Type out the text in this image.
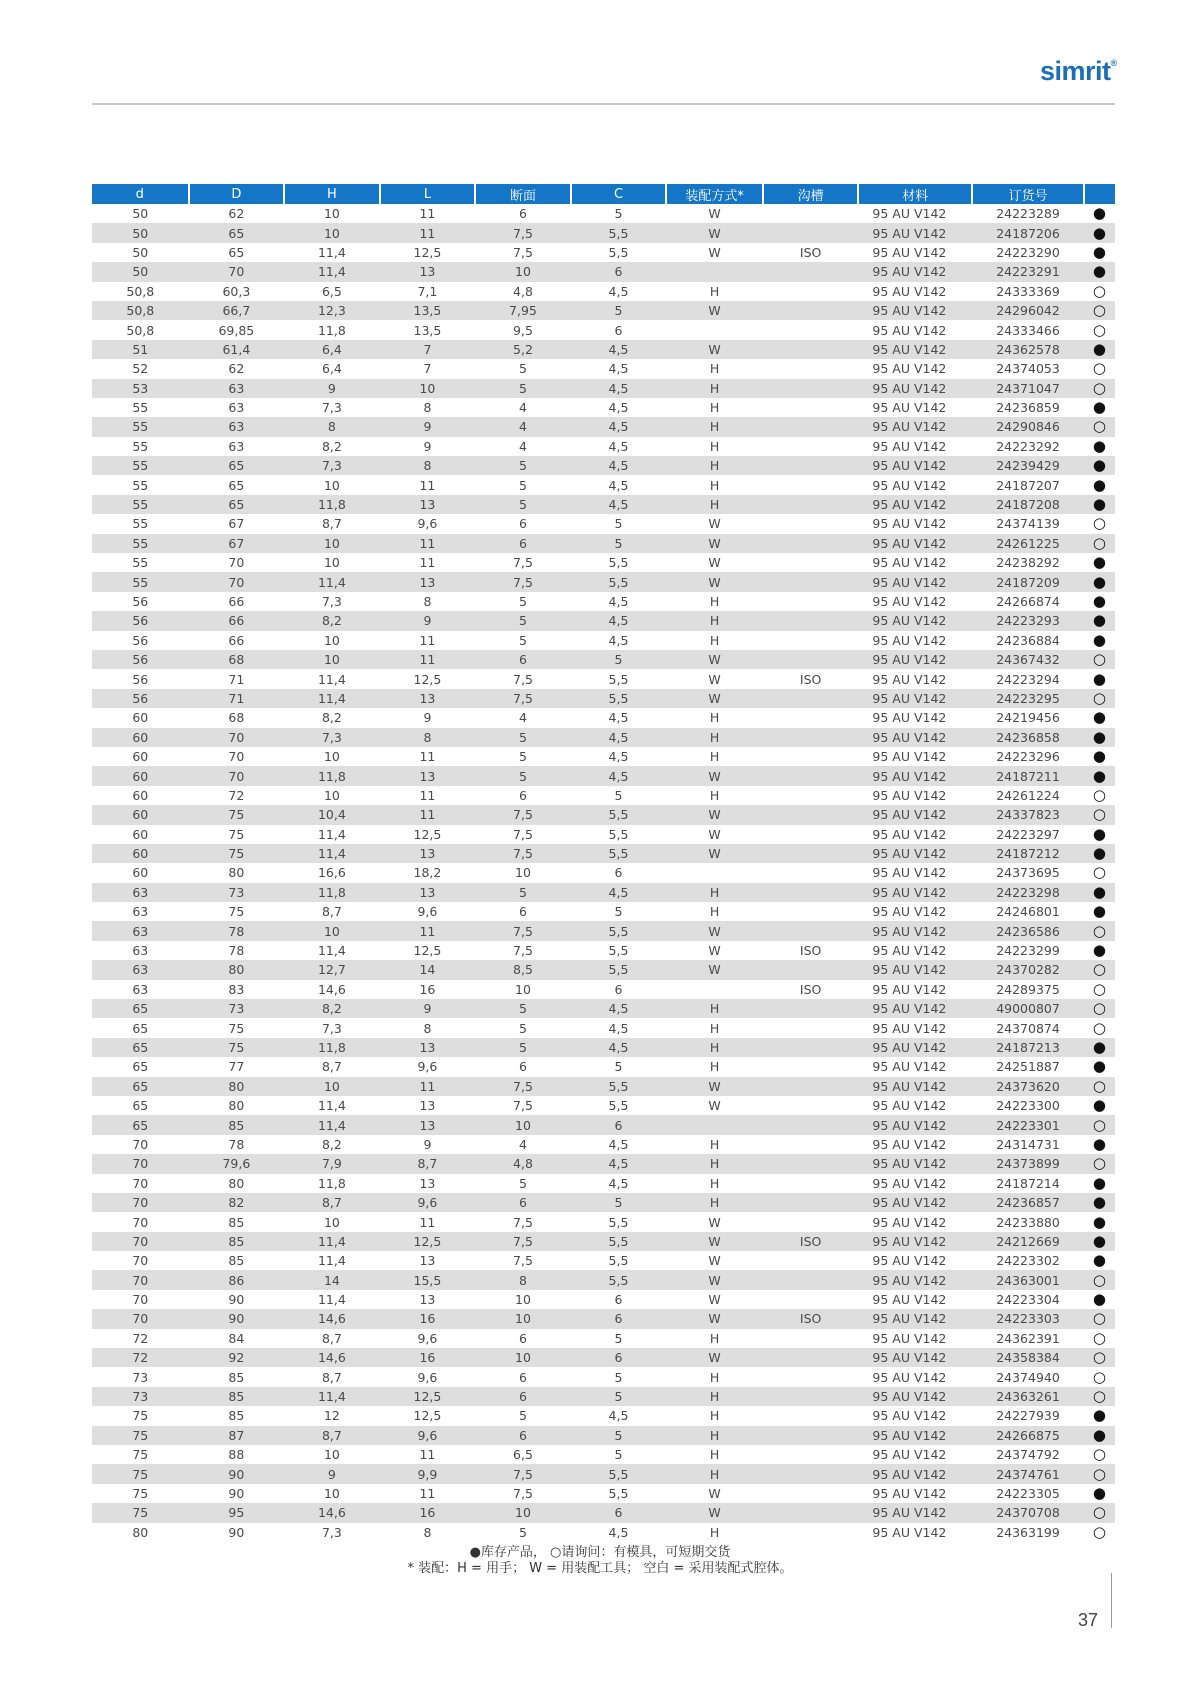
simrit®
d	D	H	L	断面	C	装配方式*	沟槽	材料	订货号	
50	62	10	11	6	5	W		95 AU V142	24223289	●
50	65	10	11	7,5	5,5	W		95 AU V142	24187206	●
50	65	11,4	12,5	7,5	5,5	W	ISO	95 AU V142	24223290	●
50	70	11,4	13	10	6			95 AU V142	24223291	●
50,8	60,3	6,5	7,1	4,8	4,5	H		95 AU V142	24333369	○
50,8	66,7	12,3	13,5	7,95	5	W		95 AU V142	24296042	○
50,8	69,85	11,8	13,5	9,5	6			95 AU V142	24333466	○
51	61,4	6,4	7	5,2	4,5	W		95 AU V142	24362578	●
52	62	6,4	7	5	4,5	H		95 AU V142	24374053	○
53	63	9	10	5	4,5	H		95 AU V142	24371047	○
55	63	7,3	8	4	4,5	H		95 AU V142	24236859	●
55	63	8	9	4	4,5	H		95 AU V142	24290846	○
55	63	8,2	9	4	4,5	H		95 AU V142	24223292	●
55	65	7,3	8	5	4,5	H		95 AU V142	24239429	●
55	65	10	11	5	4,5	H		95 AU V142	24187207	●
55	65	11,8	13	5	4,5	H		95 AU V142	24187208	●
55	67	8,7	9,6	6	5	W		95 AU V142	24374139	○
55	67	10	11	6	5	W		95 AU V142	24261225	○
55	70	10	11	7,5	5,5	W		95 AU V142	24238292	●
55	70	11,4	13	7,5	5,5	W		95 AU V142	24187209	●
56	66	7,3	8	5	4,5	H		95 AU V142	24266874	●
56	66	8,2	9	5	4,5	H		95 AU V142	24223293	●
56	66	10	11	5	4,5	H		95 AU V142	24236884	●
56	68	10	11	6	5	W		95 AU V142	24367432	○
56	71	11,4	12,5	7,5	5,5	W	ISO	95 AU V142	24223294	●
56	71	11,4	13	7,5	5,5	W		95 AU V142	24223295	○
60	68	8,2	9	4	4,5	H		95 AU V142	24219456	●
60	70	7,3	8	5	4,5	H		95 AU V142	24236858	●
60	70	10	11	5	4,5	H		95 AU V142	24223296	●
60	70	11,8	13	5	4,5	W		95 AU V142	24187211	●
60	72	10	11	6	5	H		95 AU V142	24261224	○
60	75	10,4	11	7,5	5,5	W		95 AU V142	24337823	○
60	75	11,4	12,5	7,5	5,5	W		95 AU V142	24223297	●
60	75	11,4	13	7,5	5,5	W		95 AU V142	24187212	●
60	80	16,6	18,2	10	6			95 AU V142	24373695	○
63	73	11,8	13	5	4,5	H		95 AU V142	24223298	●
63	75	8,7	9,6	6	5	H		95 AU V142	24246801	●
63	78	10	11	7,5	5,5	W		95 AU V142	24236586	○
63	78	11,4	12,5	7,5	5,5	W	ISO	95 AU V142	24223299	●
63	80	12,7	14	8,5	5,5	W		95 AU V142	24370282	○
63	83	14,6	16	10	6		ISO	95 AU V142	24289375	○
65	73	8,2	9	5	4,5	H		95 AU V142	49000807	○
65	75	7,3	8	5	4,5	H		95 AU V142	24370874	○
65	75	11,8	13	5	4,5	H		95 AU V142	24187213	●
65	77	8,7	9,6	6	5	H		95 AU V142	24251887	●
65	80	10	11	7,5	5,5	W		95 AU V142	24373620	○
65	80	11,4	13	7,5	5,5	W		95 AU V142	24223300	●
65	85	11,4	13	10	6			95 AU V142	24223301	○
70	78	8,2	9	4	4,5	H		95 AU V142	24314731	●
70	79,6	7,9	8,7	4,8	4,5	H		95 AU V142	24373899	○
70	80	11,8	13	5	4,5	H		95 AU V142	24187214	●
70	82	8,7	9,6	6	5	H		95 AU V142	24236857	●
70	85	10	11	7,5	5,5	W		95 AU V142	24233880	●
70	85	11,4	12,5	7,5	5,5	W	ISO	95 AU V142	24212669	●
70	85	11,4	13	7,5	5,5	W		95 AU V142	24223302	●
70	86	14	15,5	8	5,5	W		95 AU V142	24363001	○
70	90	11,4	13	10	6	W		95 AU V142	24223304	●
70	90	14,6	16	10	6	W	ISO	95 AU V142	24223303	○
72	84	8,7	9,6	6	5	H		95 AU V142	24362391	○
72	92	14,6	16	10	6	W		95 AU V142	24358384	○
73	85	8,7	9,6	6	5	H		95 AU V142	24374940	○
73	85	11,4	12,5	6	5	H		95 AU V142	24363261	○
75	85	12	12,5	5	4,5	H		95 AU V142	24227939	●
75	87	8,7	9,6	6	5	H		95 AU V142	24266875	●
75	88	10	11	6,5	5	H		95 AU V142	24374792	○
75	90	9	9,9	7,5	5,5	H		95 AU V142	24374761	○
75	90	10	11	7,5	5,5	W		95 AU V142	24223305	●
75	95	14,6	16	10	6	W		95 AU V142	24370708	○
80	90	7,3	8	5	4,5	H		95 AU V142	24363199	○
●库存产品， ○请询问：有模具，可短期交货
* 装配：H = 用手； W = 用装配工具； 空白 = 采用装配式腔体。
37
